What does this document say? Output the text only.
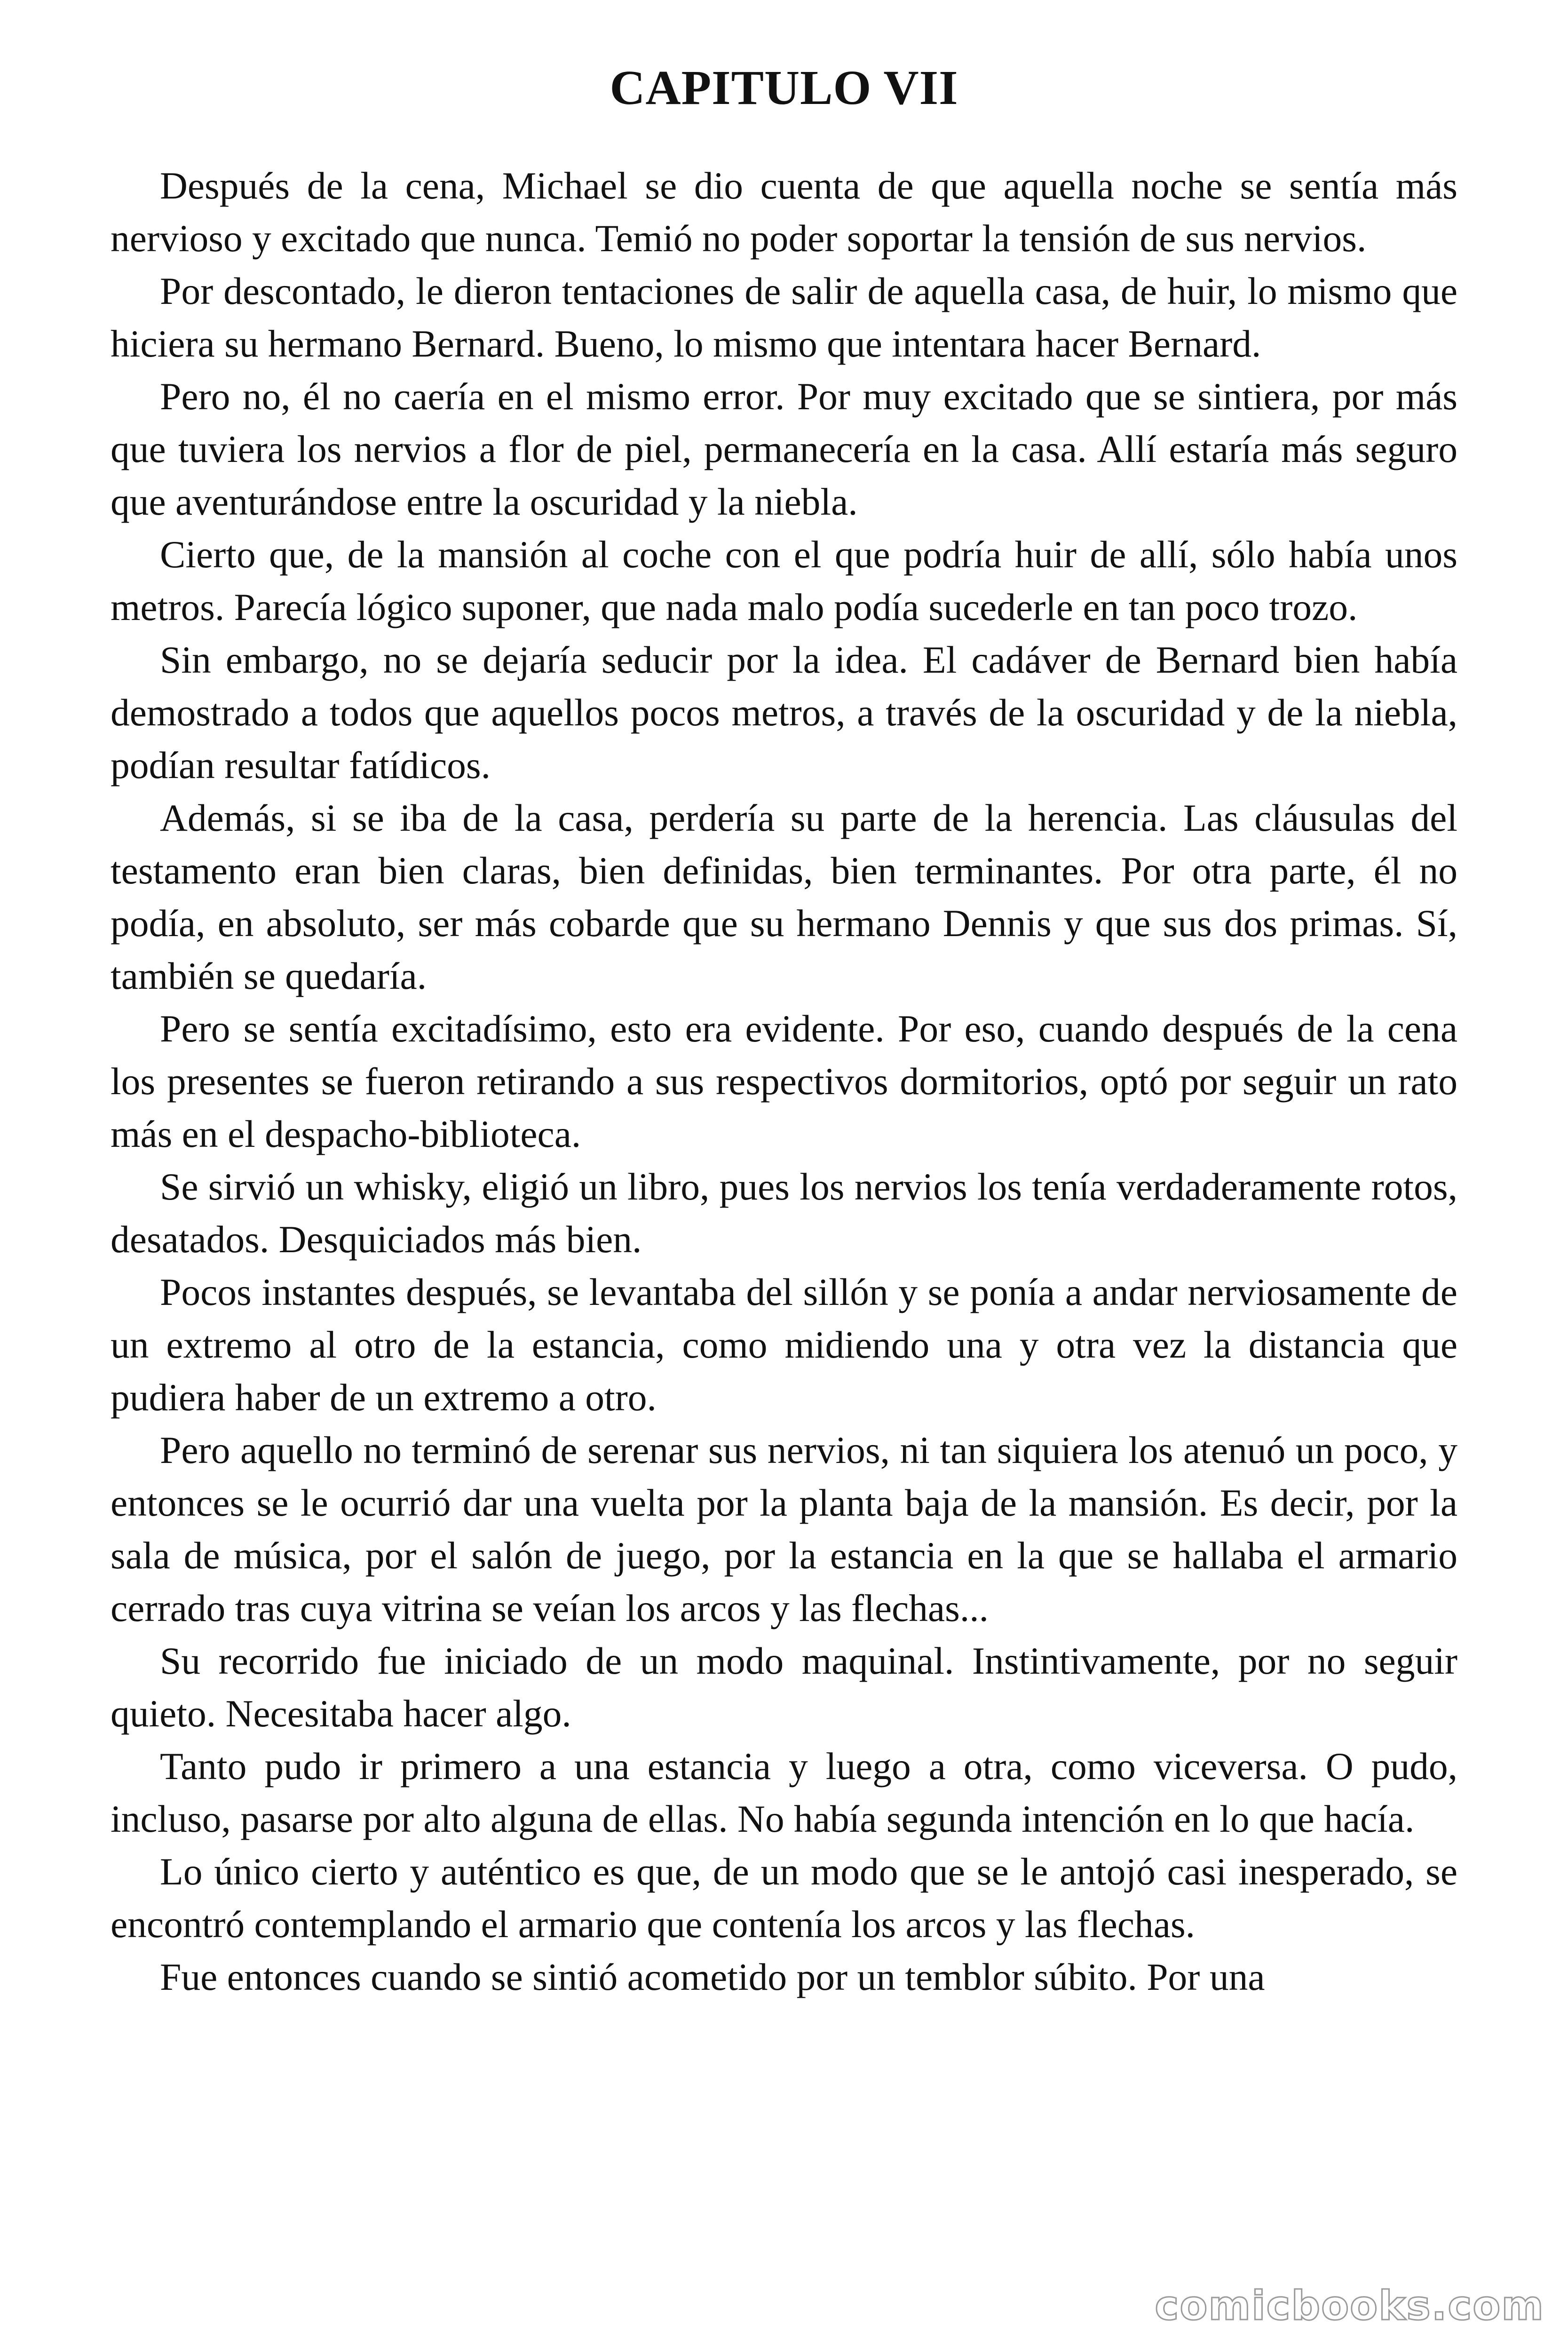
CAPITULO VII

Después de la cena, Michael se dio cuenta de que aquella noche se sentía más nervioso y excitado que nunca. Temió no poder soportar la tensión de sus nervios.

Por descontado, le dieron tentaciones de salir de aquella casa, de huir, lo mismo que hiciera su hermano Bernard. Bueno, lo mismo que intentara hacer Bernard.

Pero no, él no caería en el mismo error. Por muy excitado que se sintiera, por más que tuviera los nervios a flor de piel, permanecería en la casa. Allí estaría más seguro que aventurándose entre la oscuridad y la niebla.

Cierto que, de la mansión al coche con el que podría huir de allí, sólo había unos metros. Parecía lógico suponer, que nada malo podía sucederle en tan poco trozo.

Sin embargo, no se dejaría seducir por la idea. El cadáver de Bernard bien había demostrado a todos que aquellos pocos metros, a través de la oscuridad y de la niebla, podían resultar fatídicos.

Además, si se iba de la casa, perdería su parte de la herencia. Las cláusulas del testamento eran bien claras, bien definidas, bien terminantes. Por otra parte, él no podía, en absoluto, ser más cobarde que su hermano Dennis y que sus dos primas. Sí, también se quedaría.

Pero se sentía excitadísimo, esto era evidente. Por eso, cuando después de la cena los presentes se fueron retirando a sus respectivos dormitorios, optó por seguir un rato más en el despacho-biblioteca.

Se sirvió un whisky, eligió un libro, pues los nervios los tenía verdaderamente rotos, desatados. Desquiciados más bien.

Pocos instantes después, se levantaba del sillón y se ponía a andar nerviosamente de un extremo al otro de la estancia, como midiendo una y otra vez la distancia que pudiera haber de un extremo a otro.

Pero aquello no terminó de serenar sus nervios, ni tan siquiera los atenuó un poco, y entonces se le ocurrió dar una vuelta por la planta baja de la mansión. Es decir, por la sala de música, por el salón de juego, por la estancia en la que se hallaba el armario cerrado tras cuya vitrina se veían los arcos y las flechas...

Su recorrido fue iniciado de un modo maquinal. Instintivamente, por no seguir quieto. Necesitaba hacer algo.

Tanto pudo ir primero a una estancia y luego a otra, como viceversa. O pudo, incluso, pasarse por alto alguna de ellas. No había segunda intención en lo que hacía.

Lo único cierto y auténtico es que, de un modo que se le antojó casi inesperado, se encontró contemplando el armario que contenía los arcos y las flechas.

Fue entonces cuando se sintió acometido por un temblor súbito. Por una

comicbooks.com
